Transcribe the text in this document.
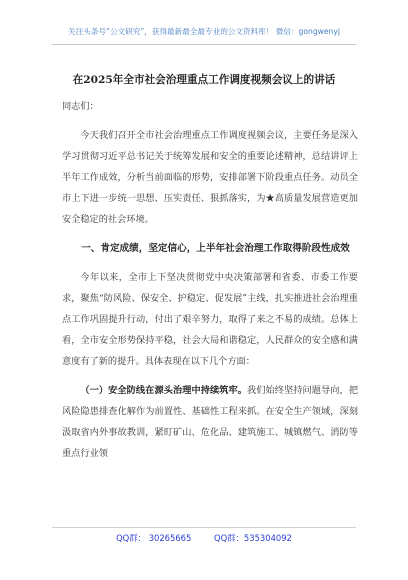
关注头条号“公文研究”，获得最新最全最专业的公文资料库！ 微信：gongwenyj
在2025年全市社会治理重点工作调度视频会议上的讲话

同志们：

今天我们召开全市社会治理重点工作调度视频会议，主要任务是深入学习贯彻习近平总书记关于统筹发展和安全的重要论述精神，总结讲评上半年工作成效，分析当前面临的形势，安排部署下阶段重点任务。动员全市上下进一步统一思想、压实责任、狠抓落实，为★高质量发展营造更加安全稳定的社会环境。

一、肯定成绩，坚定信心，上半年社会治理工作取得阶段性成效

今年以来，全市上下坚决贯彻党中央决策部署和省委、市委工作要求，聚焦“防风险、保安全、护稳定、促发展”主线，扎实推进社会治理重点工作巩固提升行动，付出了艰辛努力，取得了来之不易的成绩。总体上看，全市安全形势保持平稳，社会大局和谐稳定，人民群众的安全感和满意度有了新的提升。具体表现在以下几个方面：

（一）安全防线在源头治理中持续筑牢。我们始终坚持问题导向，把风险隐患排查化解作为前置性、基础性工程来抓。在安全生产领域，深刻汲取省内外事故教训，紧盯矿山、危化品、建筑施工、城镇燃气、消防等重点行业领

QQ群： 30265665	QQ群：535304092
